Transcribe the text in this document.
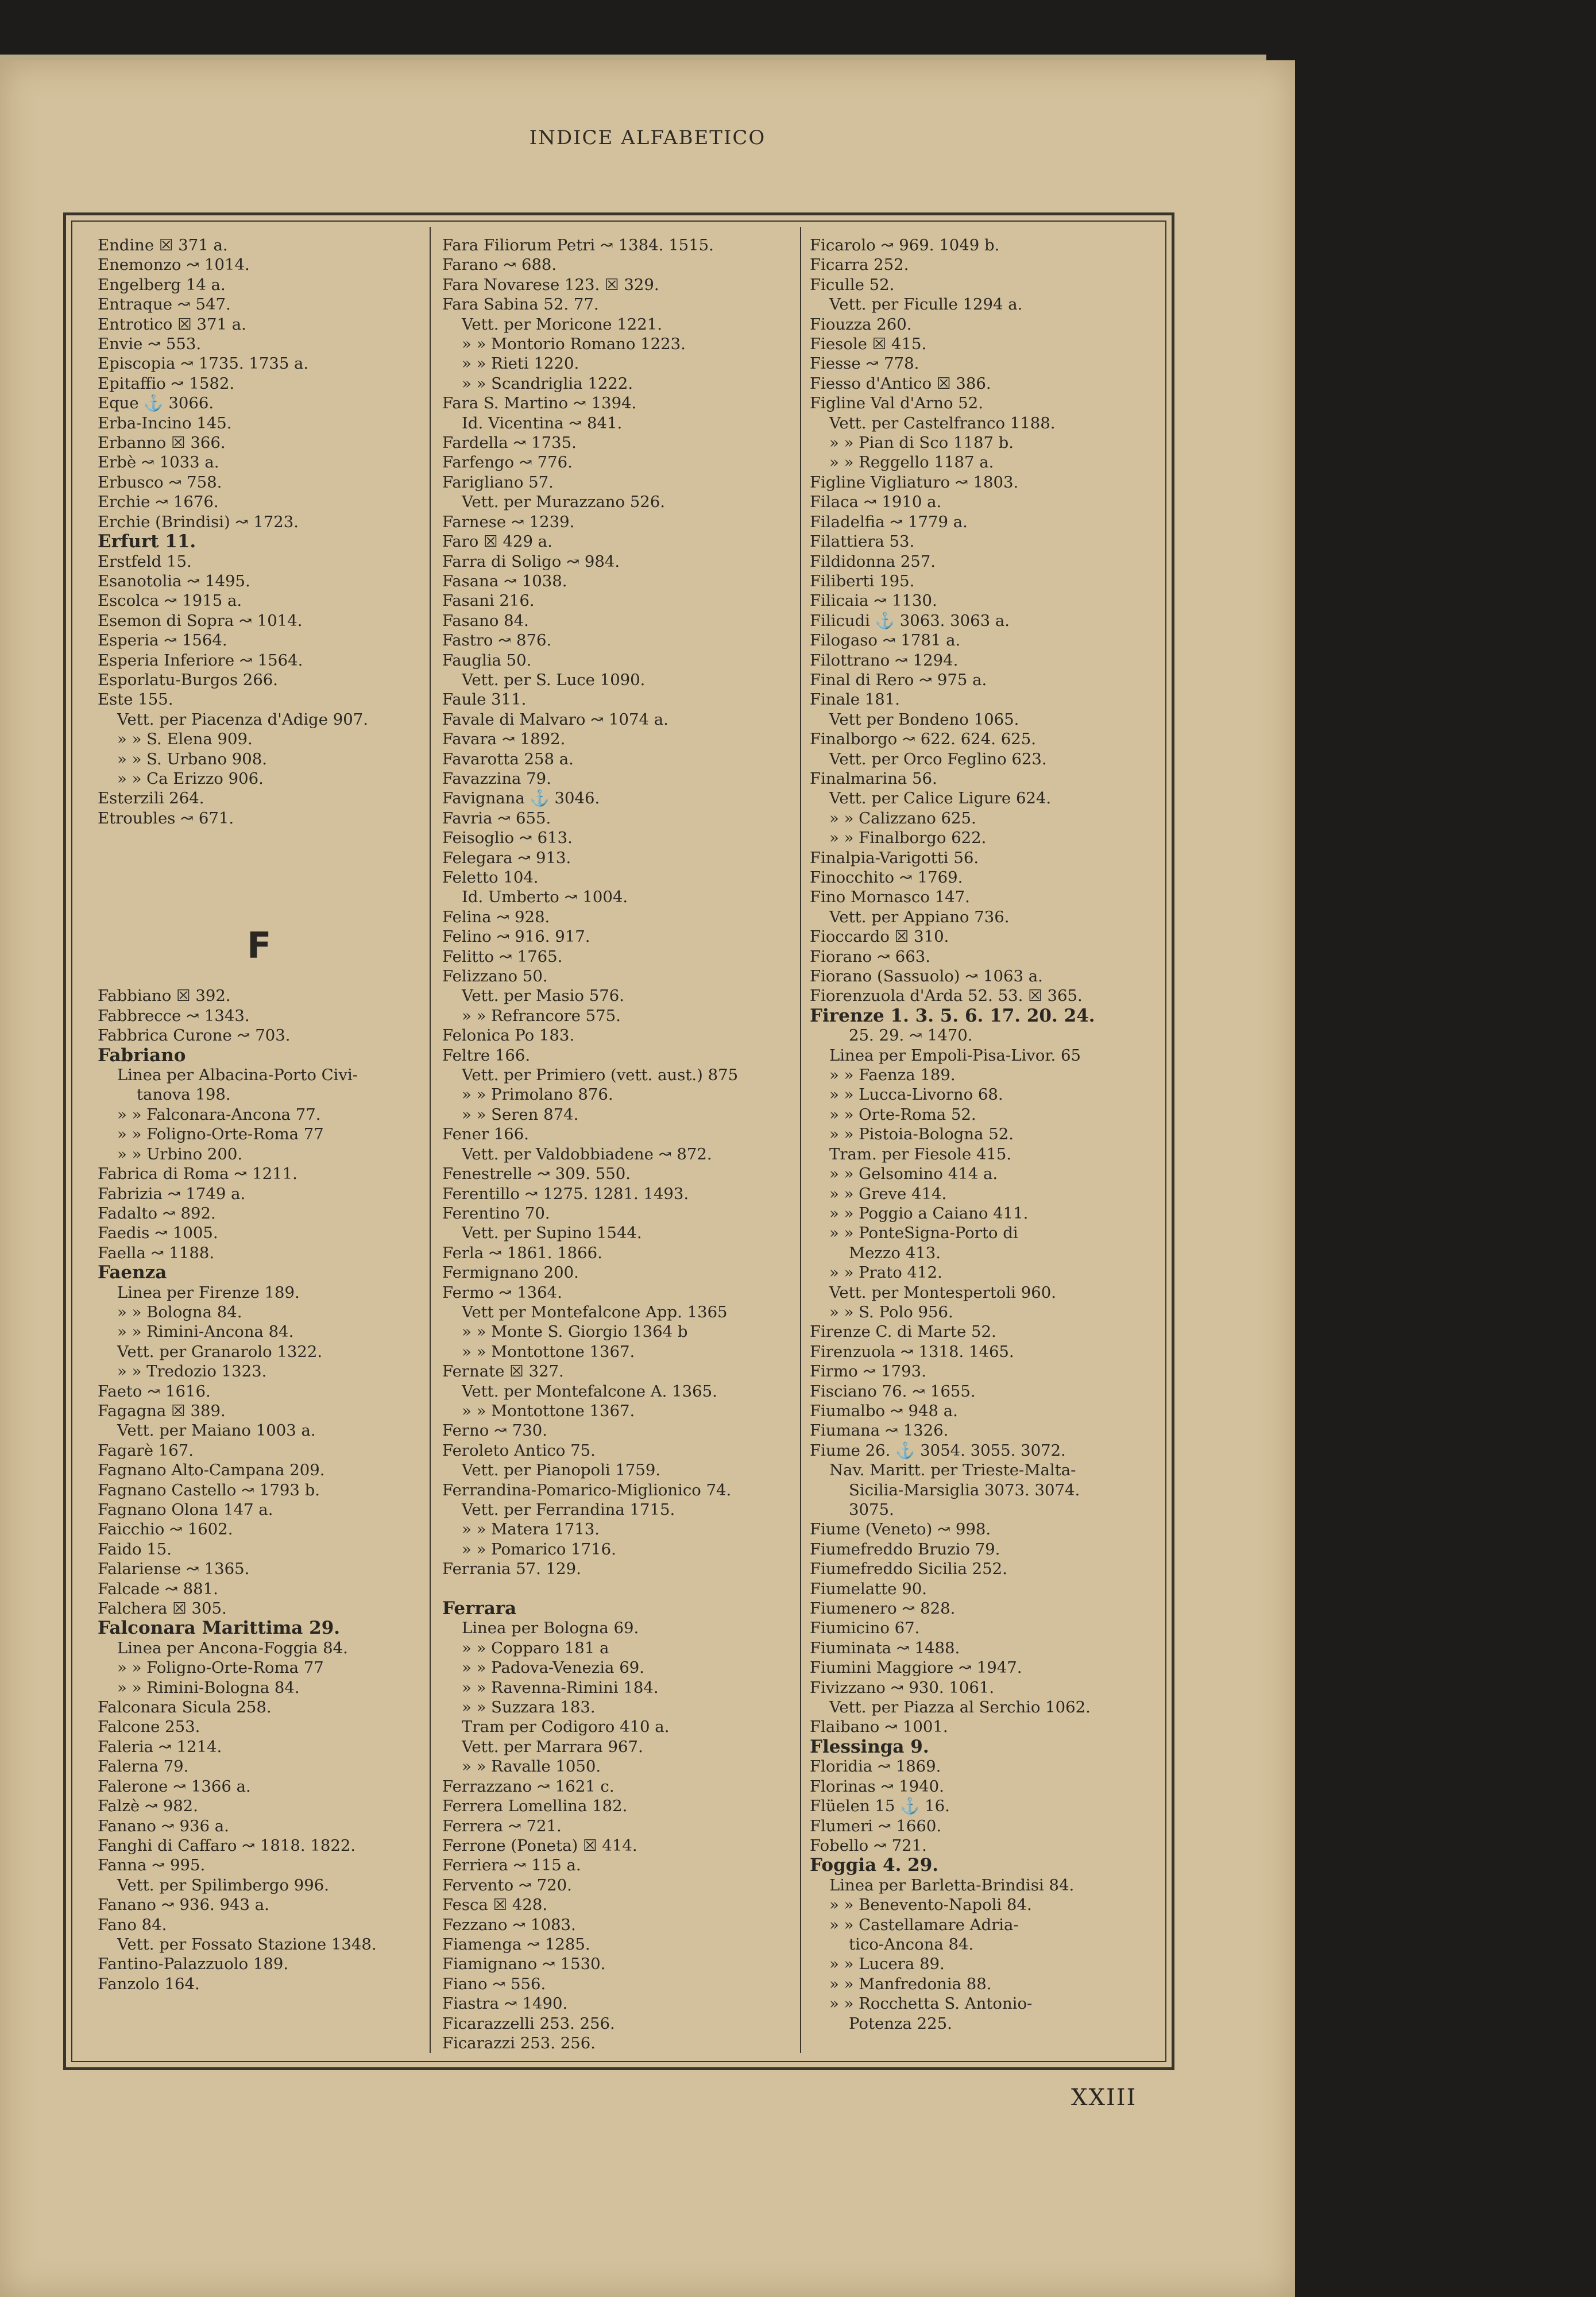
INDICE ALFABETICO
Endine ☒ 371 a.
Enemonzo ↝ 1014.
Engelberg 14 a.
Entraque ↝ 547.
Entrotico ☒ 371 a.
Envie ↝ 553.
Episcopia ↝ 1735. 1735 a.
Epitaffio ↝ 1582.
Eque ⚓ 3066.
Erba-Incino 145.
Erbanno ☒ 366.
Erbè ↝ 1033 a.
Erbusco ↝ 758.
Erchie ↝ 1676.
Erchie (Brindisi) ↝ 1723.
Erfurt 11.
Erstfeld 15.
Esanotolia ↝ 1495.
Escolca ↝ 1915 a.
Esemon di Sopra ↝ 1014.
Esperia ↝ 1564.
Esperia Inferiore ↝ 1564.
Esporlatu-Burgos 266.
Este 155.
Vett. per Piacenza d'Adige 907.
» » S. Elena 909.
» » S. Urbano 908.
» » Ca Erizzo 906.
Esterzili 264.
Etroubles ↝ 671.

Fabbiano ☒ 392.
Fabbrecce ↝ 1343.
Fabbrica Curone ↝ 703.
Fabriano
Linea per Albacina-Porto Civi-
tanova 198.
» » Falconara-Ancona 77.
» » Foligno-Orte-Roma 77
» » Urbino 200.
Fabrica di Roma ↝ 1211.
Fabrizia ↝ 1749 a.
Fadalto ↝ 892.
Faedis ↝ 1005.
Faella ↝ 1188.
Faenza
Linea per Firenze 189.
» » Bologna 84.
» » Rimini-Ancona 84.
Vett. per Granarolo 1322.
» » Tredozio 1323.
Faeto ↝ 1616.
Fagagna ☒ 389.
Vett. per Maiano 1003 a.
Fagarè 167.
Fagnano Alto-Campana 209.
Fagnano Castello ↝ 1793 b.
Fagnano Olona 147 a.
Faicchio ↝ 1602.
Faido 15.
Falariense ↝ 1365.
Falcade ↝ 881.
Falchera ☒ 305.
Falconara Marittima 29.
Linea per Ancona-Foggia 84.
» » Foligno-Orte-Roma 77
» » Rimini-Bologna 84.
Falconara Sicula 258.
Falcone 253.
Faleria ↝ 1214.
Falerna 79.
Falerone ↝ 1366 a.
Falzè ↝ 982.
Fanano ↝ 936 a.
Fanghi di Caffaro ↝ 1818. 1822.
Fanna ↝ 995.
Vett. per Spilimbergo 996.
Fanano ↝ 936. 943 a.
Fano 84.
Vett. per Fossato Stazione 1348.
Fantino-Palazzuolo 189.
Fanzolo 164.
Fara Filiorum Petri ↝ 1384. 1515.
Farano ↝ 688.
Fara Novarese 123. ☒ 329.
Fara Sabina 52. 77.
Vett. per Moricone 1221.
» » Montorio Romano 1223.
» » Rieti 1220.
» » Scandriglia 1222.
Fara S. Martino ↝ 1394.
Id. Vicentina ↝ 841.
Fardella ↝ 1735.
Farfengo ↝ 776.
Farigliano 57.
Vett. per Murazzano 526.
Farnese ↝ 1239.
Faro ☒ 429 a.
Farra di Soligo ↝ 984.
Fasana ↝ 1038.
Fasani 216.
Fasano 84.
Fastro ↝ 876.
Fauglia 50.
Vett. per S. Luce 1090.
Faule 311.
Favale di Malvaro ↝ 1074 a.
Favara ↝ 1892.
Favarotta 258 a.
Favazzina 79.
Favignana ⚓ 3046.
Favria ↝ 655.
Feisoglio ↝ 613.
Felegara ↝ 913.
Feletto 104.
Id. Umberto ↝ 1004.
Felina ↝ 928.
Felino ↝ 916. 917.
Felitto ↝ 1765.
Felizzano 50.
Vett. per Masio 576.
» » Refrancore 575.
Felonica Po 183.
Feltre 166.
Vett. per Primiero (vett. aust.) 875
» » Primolano 876.
» » Seren 874.
Fener 166.
Vett. per Valdobbiadene ↝ 872.
Fenestrelle ↝ 309. 550.
Ferentillo ↝ 1275. 1281. 1493.
Ferentino 70.
Vett. per Supino 1544.
Ferla ↝ 1861. 1866.
Fermignano 200.
Fermo ↝ 1364.
Vett per Montefalcone App. 1365
» » Monte S. Giorgio 1364 b
» » Montottone 1367.
Fernate ☒ 327.
Vett. per Montefalcone A. 1365.
» » Montottone 1367.
Ferno ↝ 730.
Feroleto Antico 75.
Vett. per Pianopoli 1759.
Ferrandina-Pomarico-Miglionico 74.
Vett. per Ferrandina 1715.
» » Matera 1713.
» » Pomarico 1716.
Ferrania 57. 129.

Ferrara
Linea per Bologna 69.
» » Copparo 181 a
» » Padova-Venezia 69.
» » Ravenna-Rimini 184.
» » Suzzara 183.
Tram per Codigoro 410 a.
Vett. per Marrara 967.
» » Ravalle 1050.
Ferrazzano ↝ 1621 c.
Ferrera Lomellina 182.
Ferrera ↝ 721.
Ferrone (Poneta) ☒ 414.
Ferriera ↝ 115 a.
Fervento ↝ 720.
Fesca ☒ 428.
Fezzano ↝ 1083.
Fiamenga ↝ 1285.
Fiamignano ↝ 1530.
Fiano ↝ 556.
Fiastra ↝ 1490.
Ficarazzelli 253. 256.
Ficarazzi 253. 256.
Ficarolo ↝ 969. 1049 b.
Ficarra 252.
Ficulle 52.
Vett. per Ficulle 1294 a.
Fiouzza 260.
Fiesole ☒ 415.
Fiesse ↝ 778.
Fiesso d'Antico ☒ 386.
Figline Val d'Arno 52.
Vett. per Castelfranco 1188.
» » Pian di Sco 1187 b.
» » Reggello 1187 a.
Figline Vigliaturo ↝ 1803.
Filaca ↝ 1910 a.
Filadelfia ↝ 1779 a.
Filattiera 53.
Fildidonna 257.
Filiberti 195.
Filicaia ↝ 1130.
Filicudi ⚓ 3063. 3063 a.
Filogaso ↝ 1781 a.
Filottrano ↝ 1294.
Final di Rero ↝ 975 a.
Finale 181.
Vett per Bondeno 1065.
Finalborgo ↝ 622. 624. 625.
Vett. per Orco Feglino 623.
Finalmarina 56.
Vett. per Calice Ligure 624.
» » Calizzano 625.
» » Finalborgo 622.
Finalpia-Varigotti 56.
Finocchito ↝ 1769.
Fino Mornasco 147.
Vett. per Appiano 736.
Fioccardo ☒ 310.
Fiorano ↝ 663.
Fiorano (Sassuolo) ↝ 1063 a.
Fiorenzuola d'Arda 52. 53. ☒ 365.
Firenze 1. 3. 5. 6. 17. 20. 24.
25. 29. ↝ 1470.
Linea per Empoli-Pisa-Livor. 65
» » Faenza 189.
» » Lucca-Livorno 68.
» » Orte-Roma 52.
» » Pistoia-Bologna 52.
Tram. per Fiesole 415.
» » Gelsomino 414 a.
» » Greve 414.
» » Poggio a Caiano 411.
» » PonteSigna-Porto di
Mezzo 413.
» » Prato 412.
Vett. per Montespertoli 960.
» » S. Polo 956.
Firenze C. di Marte 52.
Firenzuola ↝ 1318. 1465.
Firmo ↝ 1793.
Fisciano 76. ↝ 1655.
Fiumalbo ↝ 948 a.
Fiumana ↝ 1326.
Fiume 26. ⚓ 3054. 3055. 3072.
Nav. Maritt. per Trieste-Malta-
Sicilia-Marsiglia 3073. 3074.
3075.
Fiume (Veneto) ↝ 998.
Fiumefreddo Bruzio 79.
Fiumefreddo Sicilia 252.
Fiumelatte 90.
Fiumenero ↝ 828.
Fiumicino 67.
Fiuminata ↝ 1488.
Fiumini Maggiore ↝ 1947.
Fivizzano ↝ 930. 1061.
Vett. per Piazza al Serchio 1062.
Flaibano ↝ 1001.
Flessinga 9.
Floridia ↝ 1869.
Florinas ↝ 1940.
Flüelen 15 ⚓ 16.
Flumeri ↝ 1660.
Fobello ↝ 721.
Foggia 4. 29.
Linea per Barletta-Brindisi 84.
» » Benevento-Napoli 84.
» » Castellamare Adria-
tico-Ancona 84.
» » Lucera 89.
» » Manfredonia 88.
» » Rocchetta S. Antonio-
Potenza 225.
F
XXIII
